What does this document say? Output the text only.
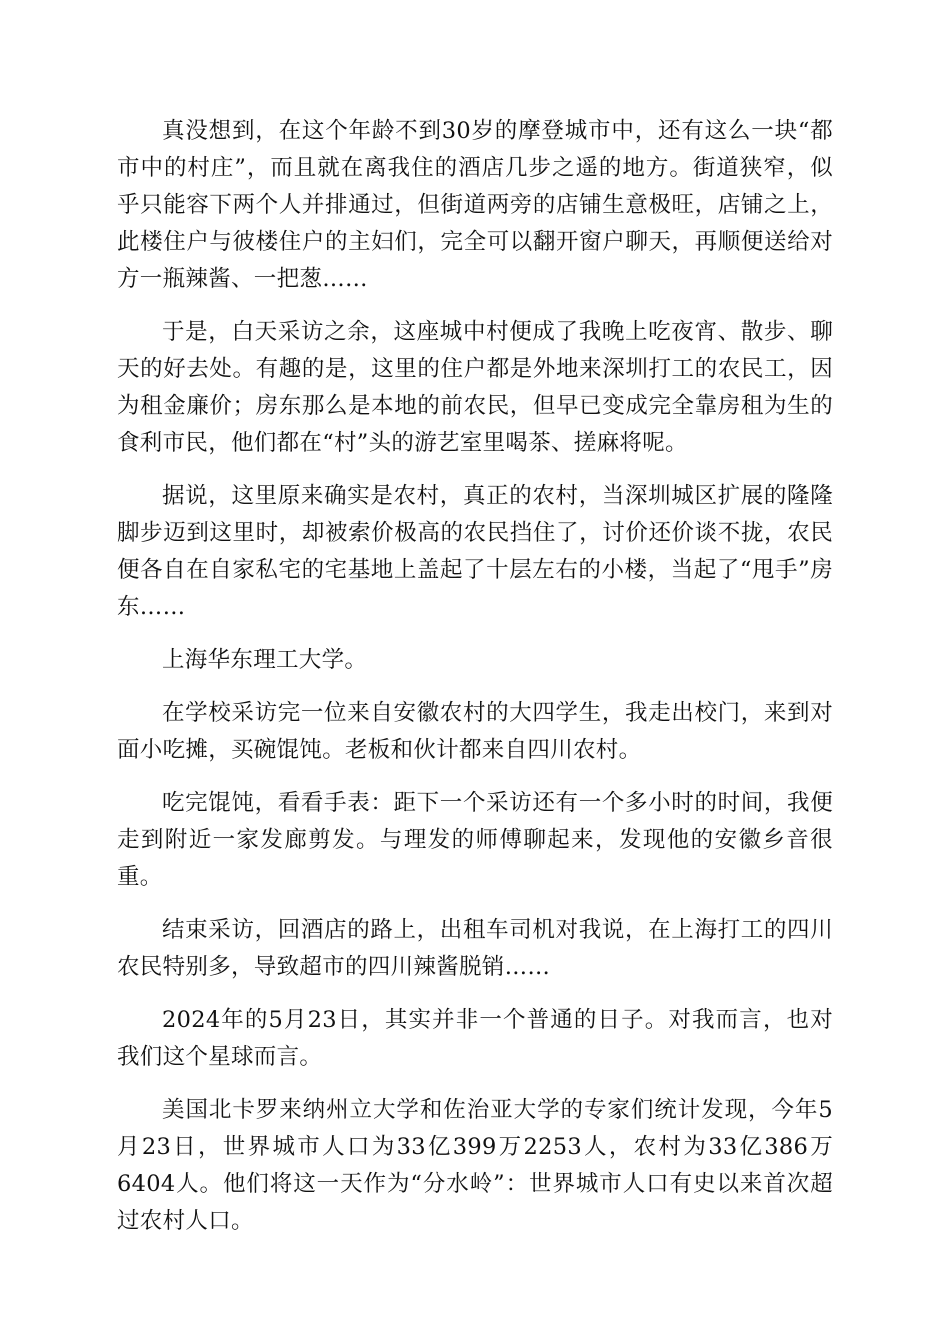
真没想到，在这个年龄不到30岁的摩登城市中，还有这么一块“都市中的村庄”，而且就在离我住的酒店几步之遥的地方。街道狭窄，似乎只能容下两个人并排通过，但街道两旁的店铺生意极旺，店铺之上，此楼住户与彼楼住户的主妇们，完全可以翻开窗户聊天，再顺便送给对方一瓶辣酱、一把葱……

于是，白天采访之余，这座城中村便成了我晚上吃夜宵、散步、聊天的好去处。有趣的是，这里的住户都是外地来深圳打工的农民工，因为租金廉价；房东那么是本地的前农民，但早已变成完全靠房租为生的食利市民，他们都在“村”头的游艺室里喝茶、搓麻将呢。

据说，这里原来确实是农村，真正的农村，当深圳城区扩展的隆隆脚步迈到这里时，却被索价极高的农民挡住了，讨价还价谈不拢，农民便各自在自家私宅的宅基地上盖起了十层左右的小楼，当起了“甩手”房东……

上海华东理工大学。

在学校采访完一位来自安徽农村的大四学生，我走出校门，来到对面小吃摊，买碗馄饨。老板和伙计都来自四川农村。

吃完馄饨，看看手表：距下一个采访还有一个多小时的时间，我便走到附近一家发廊剪发。与理发的师傅聊起来，发现他的安徽乡音很重。

结束采访，回酒店的路上，出租车司机对我说，在上海打工的四川农民特别多，导致超市的四川辣酱脱销……

2024年的5月23日，其实并非一个普通的日子。对我而言，也对我们这个星球而言。

美国北卡罗来纳州立大学和佐治亚大学的专家们统计发现，今年5月23日，世界城市人口为33亿399万2253人，农村为33亿386万6404人。他们将这一天作为“分水岭”：世界城市人口有史以来首次超过农村人口。
